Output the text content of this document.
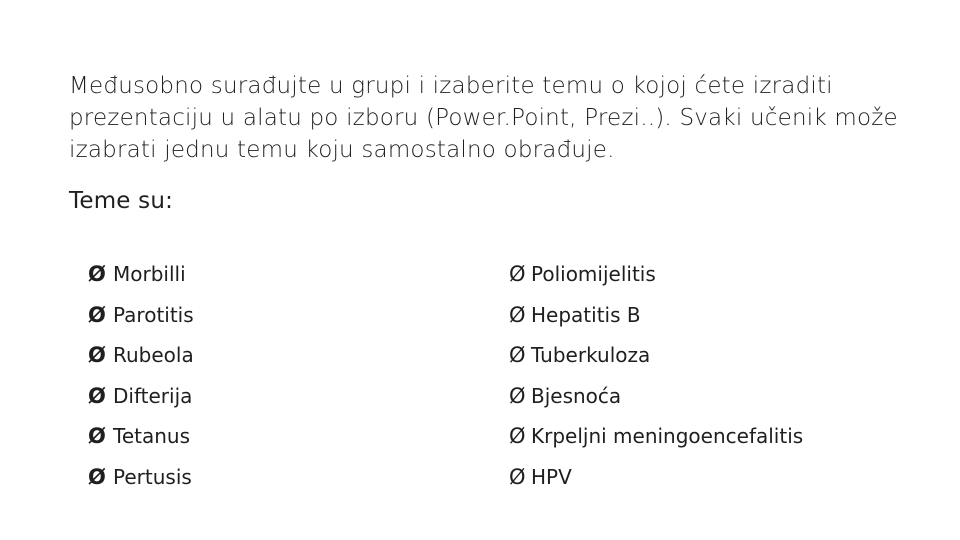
Međusobno surađujte u grupi i izaberite temu o kojoj ćete izraditi prezentaciju u alatu po izboru (Power.Point, Prezi..). Svaki učenik može izabrati jednu temu koju samostalno obrađuje.

Teme su:
Ø Morbilli
Ø Parotitis
Ø Rubeola
Ø Difterija
Ø Tetanus
Ø Pertusis
Ø Poliomijelitis
Ø Hepatitis B
Ø Tuberkuloza
Ø Bjesnoća
Ø Krpeljni meningoencefalitis
Ø HPV
